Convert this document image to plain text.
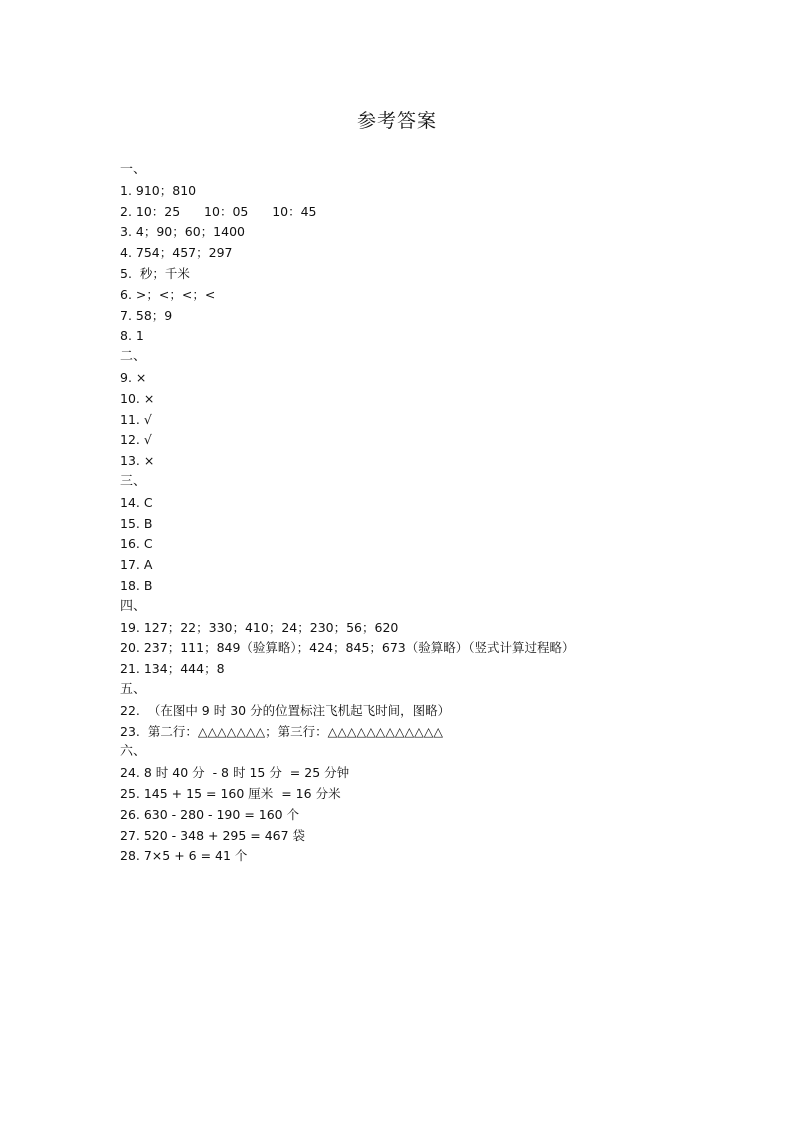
参考答案
一、
1. 910；810
2. 10：25      10：05      10：45
3. 4；90；60；1400
4. 754；457；297
5.  秒；千米
6. >；<；<；<
7. 58；9
8. 1
二、
9. ×
10. ×
11. √
12. √
13. ×
三、
14. C
15. B
16. C
17. A
18. B
四、
19. 127；22；330；410；24；230；56；620
20. 237；111；849（验算略）；424；845；673（验算略）（竖式计算过程略）
21. 134；444；8
五、
22.  （在图中 9 时 30 分的位置标注飞机起飞时间，图略）
23.  第二行：△△△△△△△；第三行：△△△△△△△△△△△△
六、
24. 8 时 40 分  - 8 时 15 分  = 25 分钟
25. 145 + 15 = 160 厘米  = 16 分米
26. 630 - 280 - 190 = 160 个
27. 520 - 348 + 295 = 467 袋
28. 7×5 + 6 = 41 个
